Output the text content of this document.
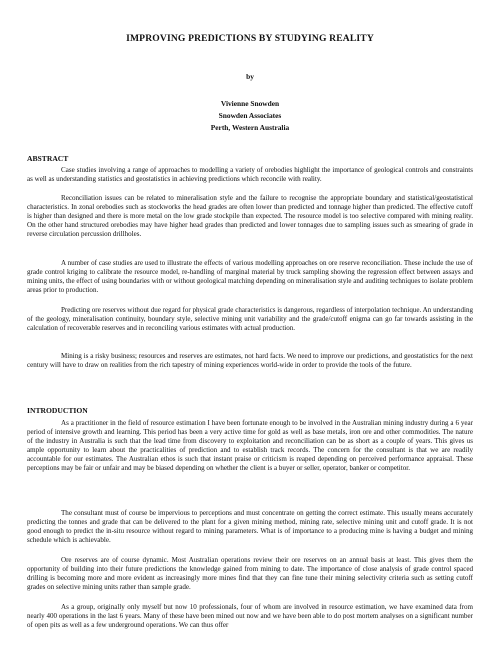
IMPROVING PREDICTIONS BY STUDYING REALITY
by
Vivienne Snowden
Snowden Associates
Perth, Western Australia
ABSTRACT

Case studies involving a range of approaches to modelling a variety of orebodies highlight the importance of geological controls and constraints as well as understanding statistics and geostatistics in achieving predictions which reconcile with reality.

Reconciliation issues can be related to mineralisation style and the failure to recognise the appropriate boundary and statistical/geostatistical characteristics. In zonal orebodies such as stockworks the head grades are often lower than predicted and tonnage higher than predicted. The effective cutoff is higher than designed and there is more metal on the low grade stockpile than expected. The resource model is too selective compared with mining reality. On the other hand structured orebodies may have higher head grades than predicted and lower tonnages due to sampling issues such as smearing of grade in reverse circulation percussion drillholes.

A number of case studies are used to illustrate the effects of various modelling approaches on ore reserve reconciliation. These include the use of grade control kriging to calibrate the resource model, re-handling of marginal material by truck sampling showing the regression effect between assays and mining units, the effect of using boundaries with or without geological matching depending on mineralisation style and auditing techniques to isolate problem areas prior to production.

Predicting ore reserves without due regard for physical grade characteristics is dangerous, regardless of interpolation technique. An understanding of the geology, mineralisation continuity, boundary style, selective mining unit variability and the grade/cutoff enigma can go far towards assisting in the calculation of recoverable reserves and in reconciling various estimates with actual production.

Mining is a risky business; resources and reserves are estimates, not hard facts. We need to improve our predictions, and geostatistics for the next century will have to draw on realities from the rich tapestry of mining experiences world-wide in order to provide the tools of the future.

INTRODUCTION

As a practitioner in the field of resource estimation I have been fortunate enough to be involved in the Australian mining industry during a 6 year period of intensive growth and learning. This period has been a very active time for gold as well as base metals, iron ore and other commodities. The nature of the industry in Australia is such that the lead time from discovery to exploitation and reconciliation can be as short as a couple of years. This gives us ample opportunity to learn about the practicalities of prediction and to establish track records. The concern for the consultant is that we are readily accountable for our estimates. The Australian ethos is such that instant praise or criticism is reaped depending on perceived performance appraisal. These perceptions may be fair or unfair and may be biased depending on whether the client is a buyer or seller, operator, banker or competitor.

The consultant must of course be impervious to perceptions and must concentrate on getting the correct estimate. This usually means accurately predicting the tonnes and grade that can be delivered to the plant for a given mining method, mining rate, selective mining unit and cutoff grade. It is not good enough to predict the in-situ resource without regard to mining parameters. What is of importance to a producing mine is having a budget and mining schedule which is achievable.

Ore reserves are of course dynamic. Most Australian operations review their ore reserves on an annual basis at least. This gives them the opportunity of building into their future predictions the knowledge gained from mining to date. The importance of close analysis of grade control spaced drilling is becoming more and more evident as increasingly more mines find that they can fine tune their mining selectivity criteria such as setting cutoff grades on selective mining units rather than sample grade.

As a group, originally only myself but now 10 professionals, four of whom are involved in resource estimation, we have examined data from nearly 400 operations in the last 6 years. Many of these have been mined out now and we have been able to do post mortem analyses on a significant number of open pits as well as a few underground operations. We can thus offer
